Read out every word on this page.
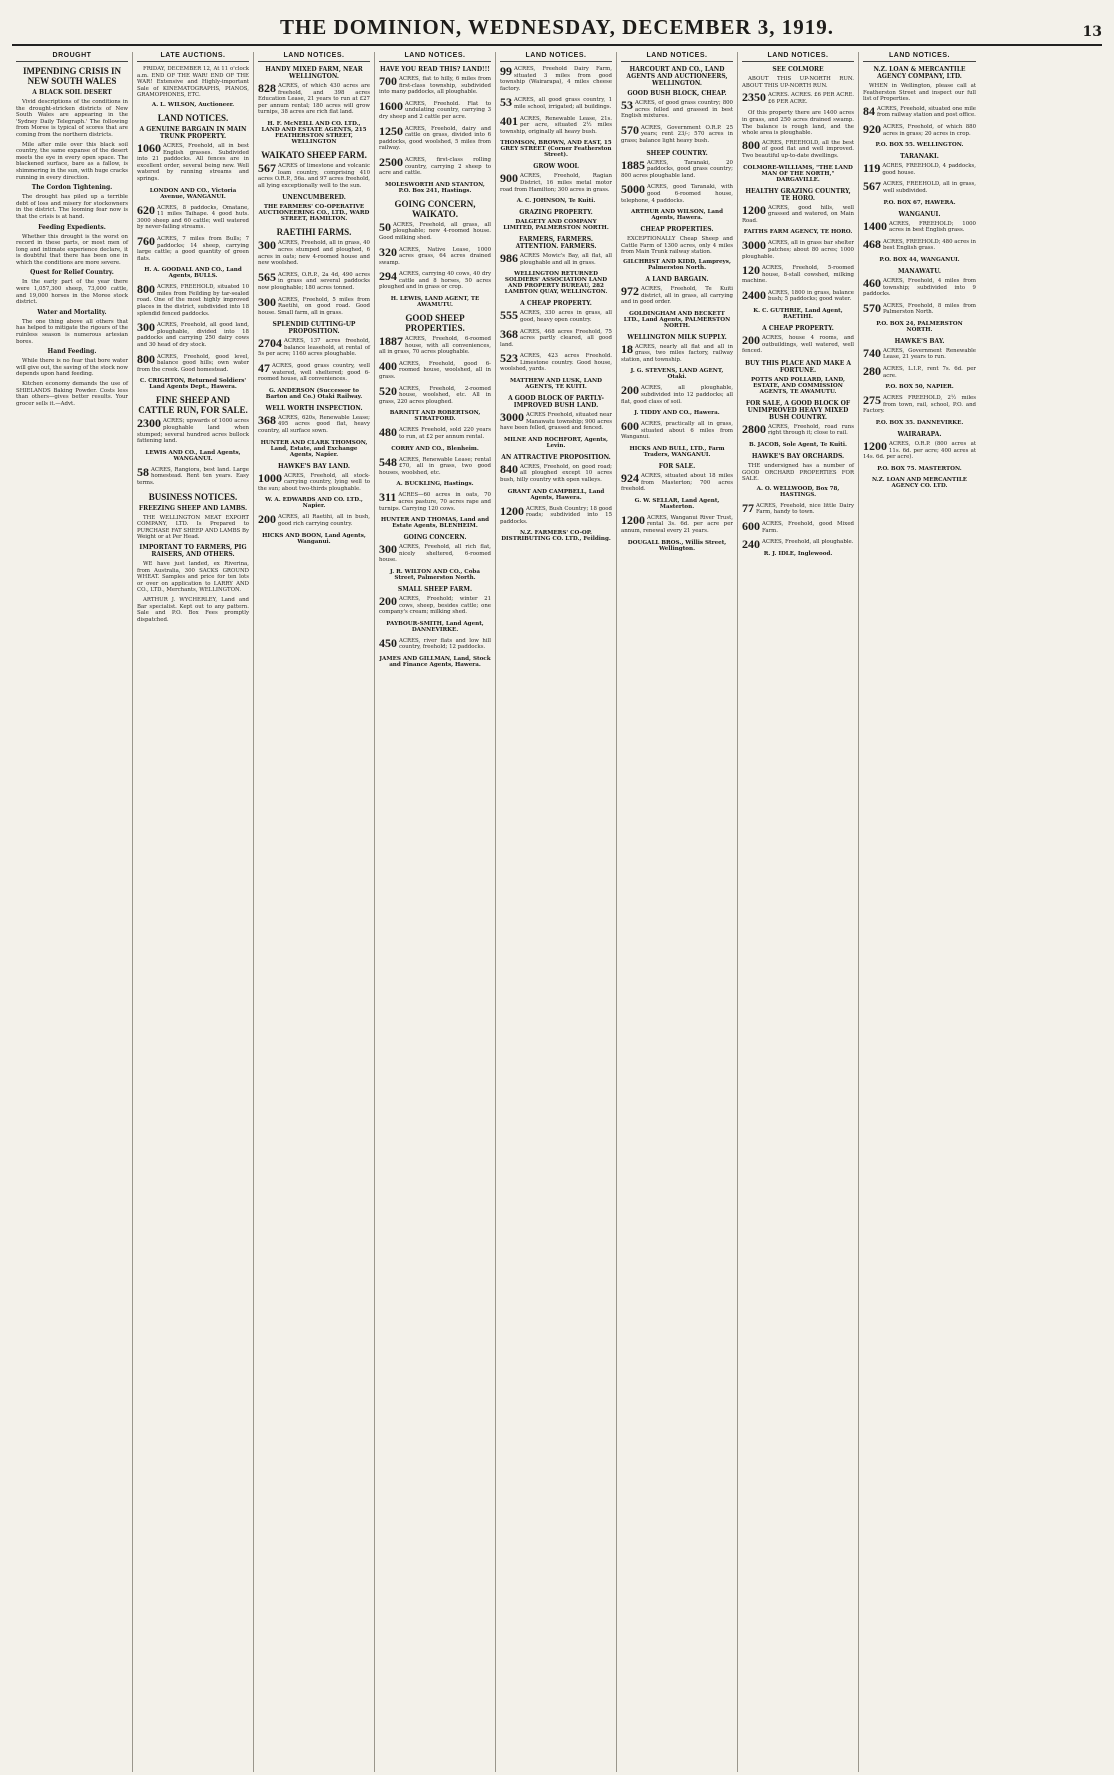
THE DOMINION, WEDNESDAY, DECEMBER 3, 1919.	13
DROUGHT
IMPENDING CRISIS IN NEW SOUTH WALES
A BLACK SOIL DESERT
Vivid descriptions of the conditions in the drought-stricken districts of New South Wales are appearing in the 'Sydney Daily Telegraph.' The following from Moree is typical of scores that are coming from the northern districts.
Mile after mile over this black soil country, the same expanse of the desert meets the eye in every open space. The blackened surface, bare as a fallow, is shimmering in the sun, with huge cracks running in every direction.
The Cordon Tightening.
The drought has piled up a terrible debt of loss and misery for stockowners in the district. The looming fear now is that the crisis is at hand.
Feeding Expedients.
Whether this drought is the worst on record in these parts, or most men of long and intimate experience declare, it is doubtful that there has been one in which the conditions are more severe.
Quest for Relief Country.
In the early part of the year there were 1,057,300 sheep, 73,000 cattle, and 19,000 horses in the Moree stock district.
Water and Mortality.
The one thing above all others that has helped to mitigate the rigours of the ruinless season is numerous artesian bores.
Hand Feeding.
While there is no fear that bore water will give out, the saving of the stock now depends upon hand feeding.
Kitchen economy demands the use of SHIELANDS Baking Powder. Costs less than others—gives better results. Your grocer sells it.—Advt.
LATE AUCTIONS.
FRIDAY, DECEMBER 12, At 11 o'clock a.m. END OF THE WAR! END OF THE WAR! Extensive and Highly-important Sale of KINEMATOGRAPHS, PIANOS, GRAMOPHONES, ETC.
A. L. WILSON, Auctioneer.
LAND NOTICES.
A GENUINE BARGAIN IN MAIN TRUNK PROPERTY.
1060 ACRES, Freehold, all in best English grasses. Subdivided into 21 paddocks. All fences are in excellent order, several being new. Well watered by running streams and springs.
LONDON AND CO., Victoria Avenue, WANGANUI.
620 ACRES, 8 paddocks, Omatane, 11 miles Taihape. 4 good huts. 3000 sheep and 60 cattle; well watered by never-failing streams.
760 ACRES, 7 miles from Bulls; 7 paddocks; 14 sheep, carrying large cattle; a good quantity of green flats.
H. A. GOODALL AND CO., Land Agents, BULLS.
800 ACRES, FREEHOLD, situated 10 miles from Feilding by tar-sealed road. One of the most highly improved places in the district, subdivided into 18 splendid fenced paddocks.
300 ACRES, Freehold, all good land, ploughable, divided into 18 paddocks and carrying 250 dairy cows and 30 head of dry stock.
800 ACRES, Freehold, good level, balance good hills; own water from the creek. Good homestead.
C. CRIGHTON, Returned Soldiers' Land Agents Dept., Hawera.
FINE SHEEP AND CATTLE RUN, FOR SALE.
2300 ACRES; upwards of 1000 acres ploughable land when stumped; several hundred acres bullock fattening land.
LEWIS AND CO., Land Agents, WANGANUI.
58 ACRES, Rangiora, best land. Large homestead. Rent ten years. Easy terms.
BUSINESS NOTICES.
FREEZING SHEEP AND LAMBS.
THE WELLINGTON MEAT EXPORT COMPANY, LTD. Is Prepared to PURCHASE FAT SHEEP AND LAMBS By Weight or at Per Head.
IMPORTANT TO FARMERS, PIG RAISERS, AND OTHERS.
WE have just landed, ex Riverina, from Australia, 300 SACKS GROUND WHEAT. Samples and price for ten lots or over on application to LARRY AND CO., LTD., Merchants, WELLINGTON.
ARTHUR J. WYCHERLEY, Land and Bar specialist. Kept out to any pattern. Sale and P.O. Box Fees promptly dispatched.
LAND NOTICES.
HANDY MIXED FARM, NEAR WELLINGTON.
828 ACRES, of which 430 acres are freehold, and 398 acres Education Lease, 21 years to run at £27 per annum rental; 180 acres will grow turnips, 38 acres are rich flat land.
H. F. McNEILL AND CO. LTD., LAND AND ESTATE AGENTS, 215 FEATHERSTON STREET, WELLINGTON
WAIKATO SHEEP FARM.
567 ACRES of limestone and volcanic loam country, comprising 410 acres O.R.P., 56a. and 97 acres freehold, all lying exceptionally well to the sun.
UNENCUMBERED.
THE FARMERS' CO-OPERATIVE AUCTIONEERING CO., LTD., WARD STREET, HAMILTON.
RAETIHI FARMS.
300 ACRES, Freehold, all in grass, 40 acres stumped and ploughed, 6 acres in oats; new 4-roomed house and new woolshed.
565 ACRES, O.R.P., 2a 4d, 490 acres in grass and several paddocks now ploughable; 180 acres tonned.
300 ACRES, Freehold, 5 miles from Raetihi, on good road. Good house. Small farm, all in grass.
SPLENDID CUTTING-UP PROPOSITION.
2704 ACRES, 137 acres freehold, balance leasehold, at rental of 5s per acre; 1160 acres ploughable.
47 ACRES, good grass country, well watered, well sheltered; good 6-roomed house, all conveniences.
G. ANDERSON (Successor to Barton and Co.) Otaki Railway.
WELL WORTH INSPECTION.
368 ACRES, 620s, Renewable Lease; 495 acres good flat, heavy country, all surface sown.
HUNTER AND CLARK THOMSON, Land, Estate, and Exchange Agents, Napier.
HAWKE'S BAY LAND.
1000 ACRES, Freehold, all stock-carrying country, lying well to the sun; about two-thirds ploughable.
W. A. EDWARDS AND CO. LTD., Napier.
200 ACRES, all Raetihi, all in bush, good rich carrying country.
HICKS AND BOON, Land Agents, Wanganui.
LAND NOTICES.
HAVE YOU READ THIS? LAND!!!
700 ACRES, flat to hilly, 6 miles from first-class township, subdivided into many paddocks, all ploughable.
1600 ACRES, Freehold. Flat to undulating country, carrying 3 dry sheep and 2 cattle per acre.
1250 ACRES, Freehold, dairy and cattle on grass, divided into 6 paddocks, good woolshed, 5 miles from railway.
2500 ACRES, first-class rolling country, carrying 2 sheep to acre and cattle.
MOLESWORTH AND STANTON, P.O. Box 241, Hastings.
GOING CONCERN, WAIKATO.
50 ACRES, Freehold, all grass, all ploughable; new 4-roomed house. Good milking shed.
320 ACRES, Native Lease, 1000 acres grass, 64 acres drained swamp.
294 ACRES, carrying 40 cows, 40 dry cattle and 8 horses, 50 acres ploughed and in grass or crop.
H. LEWIS, LAND AGENT, TE AWAMUTU.
GOOD SHEEP PROPERTIES.
1887 ACRES, Freehold, 6-roomed house, with all conveniences, all in grass, 70 acres ploughable.
400 ACRES, Freehold, good 6-roomed house, woolshed, all in grass.
520 ACRES, Freehold, 2-roomed house, woolshed, etc. All in grass, 220 acres ploughed.
BARNITT AND ROBERTSON, STRATFORD.
480 ACRES Freehold, sold 220 years to run, at £2 per annum rental.
CORRY AND CO., Blenheim.
548 ACRES, Renewable Lease; rental £70, all in grass, two good houses, woolshed, etc.
A. BUCKLING, Hastings.
311 ACRES—60 acres in oats, 70 acres pasture, 70 acres rape and turnips. Carrying 120 cows.
HUNTER AND THOMAS, Land and Estate Agents, BLENHEIM.
GOING CONCERN.
300 ACRES, Freehold, all rich flat, nicely sheltered, 6-roomed house.
J. R. WILTON AND CO., Coba Street, Palmerston North.
SMALL SHEEP FARM.
200 ACRES, Freehold; winter 21 cows, sheep, besides cattle; one company's cream; milking shed.
PAYBOUR-SMITH, Land Agent, DANNEVIRKE.
450 ACRES, river flats and low hill country, freehold; 12 paddocks.
JAMES AND GILLMAN, Land, Stock and Finance Agents, Hawera.
LAND NOTICES.
99 ACRES, Freehold Dairy Farm, situated 3 miles from good township (Wairarapa), 4 miles cheese factory.
53 ACRES, all good grass country, 1 mile school, irrigated; all buildings.
401 ACRES, Renewable Lease, 21s. per acre, situated 2½ miles township, originally all heavy bush.
THOMSON, BROWN, AND EAST, 15 GREY STREET (Corner Featherston Street).
GROW WOOL
900 ACRES, Freehold, Ragian District, 16 miles metal motor road from Hamilton; 300 acres in grass.
A. C. JOHNSON, Te Kuiti.
GRAZING PROPERTY.
DALGETY AND COMPANY LIMITED, PALMERSTON NORTH.
FARMERS, FARMERS. ATTENTION. FARMERS.
986 ACRES Mowic's Bay, all flat, all ploughable and all in grass.
WELLINGTON RETURNED SOLDIERS' ASSOCIATION LAND AND PROPERTY BUREAU, 282 LAMBTON QUAY, WELLINGTON.
A CHEAP PROPERTY.
555 ACRES, 330 acres in grass, all good, heavy open country.
368 ACRES, 468 acres Freehold, 75 acres partly cleared, all good land.
523 ACRES, 423 acres Freehold. Limestone country. Good house, woolshed, yards.
MATTHEW AND LUSK, LAND AGENTS, TE KUITI.
A GOOD BLOCK OF PARTLY-IMPROVED BUSH LAND.
3000 ACRES Freehold, situated near Manawatu township; 900 acres have been felled, grassed and fenced.
MILNE AND ROCHFORT, Agents, Levin.
AN ATTRACTIVE PROPOSITION.
840 ACRES, Freehold, on good road; all ploughed except 10 acres bush, hilly country with open valleys.
GRANT AND CAMPBELL, Land Agents, Hawera.
1200 ACRES, Bush Country; 18 good roads; subdivided into 15 paddocks.
N.Z. FARMERS' CO-OP. DISTRIBUTING CO. LTD., Feilding.
LAND NOTICES.
HARCOURT AND CO., LAND AGENTS AND AUCTIONEERS, WELLINGTON.
GOOD BUSH BLOCK, CHEAP.
53 ACRES, of good grass country; 800 acres felled and grassed in best English mixtures.
570 ACRES, Government O.R.P. 25 years; rent 23/-; 570 acres in grass; balance light heavy bush.
SHEEP COUNTRY.
1885 ACRES, Taranaki, 20 paddocks, good grass country; 800 acres ploughable land.
5000 ACRES, good Taranaki, with good 6-roomed house, telephone, 4 paddocks.
ARTHUR AND WILSON, Land Agents, Hawera.
CHEAP PROPERTIES.
EXCEPTIONALLY Cheap Sheep and Cattle Farm of 1300 acres, only 4 miles from Main Trunk railway station.
GILCHRIST AND KIDD, Lampreys, Palmerston North.
A LAND BARGAIN.
972 ACRES, Freehold, Te Kuiti district, all in grass, all carrying and in good order.
GOLDINGHAM AND BECKETT LTD., Land Agents, PALMERSTON NORTH.
WELLINGTON MILK SUPPLY.
18 ACRES, nearly all flat and all in grass, two miles factory, railway station, and township.
J. G. STEVENS, LAND AGENT, Otaki.
200 ACRES, all ploughable, subdivided into 12 paddocks; all flat, good class of soil.
J. TIDDY AND CO., Hawera.
600 ACRES, practically all in grass, situated about 6 miles from Wanganui.
HICKS AND BULL, LTD., Farm Traders, WANGANUI.
FOR SALE.
924 ACRES, situated about 18 miles from Masterton; 700 acres freehold.
G. W. SELLAR, Land Agent, Masterton.
1200 ACRES, Wanganui River Trust, rental 3s. 6d. per acre per annum, renewal every 21 years.
DOUGALL BROS., Willis Street, Wellington.
LAND NOTICES.
SEE COLMORE
ABOUT THIS UP-NORTH RUN. ABOUT THIS UP-NORTH RUN.
2350 ACRES. ACRES. £6 PER ACRE. £6 PER ACRE.
Of this property there are 1400 acres in grass, and 250 acres drained swamp. The balance is rough land, and the whole area is ploughable.
800 ACRES, FREEHOLD, all the best of good flat and well improved. Two beautiful up-to-date dwellings.
COLMORE-WILLIAMS, "THE LAND MAN OF THE NORTH," DARGAVILLE.
HEALTHY GRAZING COUNTRY, TE HORO.
1200 ACRES, good hills, well grassed and watered, on Main Road.
FAITHS FARM AGENCY, TE HORO.
3000 ACRES, all in grass bar shelter patches; about 80 acres; 1000 ploughable.
120 ACRES, Freehold, 5-roomed house, 8-stall cowshed, milking machine.
2400 ACRES, 1800 in grass, balance bush; 5 paddocks; good water.
K. C. GUTHRIE, Land Agent, RAETIHI.
A CHEAP PROPERTY.
200 ACRES, house 4 rooms, and outbuildings, well watered, well fenced.
BUY THIS PLACE AND MAKE A FORTUNE.
POTTS AND POLLARD, LAND, ESTATE, AND COMMISSION AGENTS, TE AWAMUTU.
FOR SALE, A GOOD BLOCK OF UNIMPROVED HEAVY MIXED BUSH COUNTRY.
2800 ACRES, Freehold, road runs right through it; close to rail.
B. JACOB, Sole Agent, Te Kuiti.
HAWKE'S BAY ORCHARDS.
THE undersigned has a number of GOOD ORCHARD PROPERTIES FOR SALE.
A. O. WELLWOOD, Box 78, HASTINGS.
77 ACRES, Freehold, nice little Dairy Farm, handy to town.
600 ACRES, Freehold, good Mixed Farm.
240 ACRES, Freehold, all ploughable.
R. J. IDLE, Inglewood.
LAND NOTICES.
N.Z. LOAN & MERCANTILE AGENCY COMPANY, LTD.
WHEN in Wellington, please call at Featherston Street and inspect our full list of Properties.
84 ACRES, Freehold, situated one mile from railway station and post office.
920 ACRES, Freehold, of which 880 acres in grass; 20 acres in crop.
P.O. BOX 55. WELLINGTON.
TARANAKI.
119 ACRES, FREEHOLD, 4 paddocks, good house.
567 ACRES, FREEHOLD, all in grass, well subdivided.
P.O. BOX 67, HAWERA.
WANGANUI.
1400 ACRES, FREEHOLD; 1000 acres in best English grass.
468 ACRES, FREEHOLD; 480 acres in best English grass.
P.O. BOX 44, WANGANUI.
MANAWATU.
460 ACRES, Freehold, 4 miles from township; subdivided into 9 paddocks.
570 ACRES, Freehold, 8 miles from Palmerston North.
P.O. BOX 24, PALMERSTON NORTH.
HAWKE'S BAY.
740 ACRES, Government Renewable Lease, 21 years to run.
280 ACRES, L.I.P., rent 7s. 6d. per acre.
P.O. BOX 50, NAPIER.
275 ACRES FREEHOLD, 2½ miles from town, rail, school, P.O. and Factory.
P.O. BOX 35. DANNEVIRKE.
WAIRARAPA.
1200 ACRES, O.R.P. (800 acres at 11s. 6d. per acre; 400 acres at 14s. 6d. per acre).
P.O. BOX 75. MASTERTON.
N.Z. LOAN AND MERCANTILE AGENCY CO. LTD.
